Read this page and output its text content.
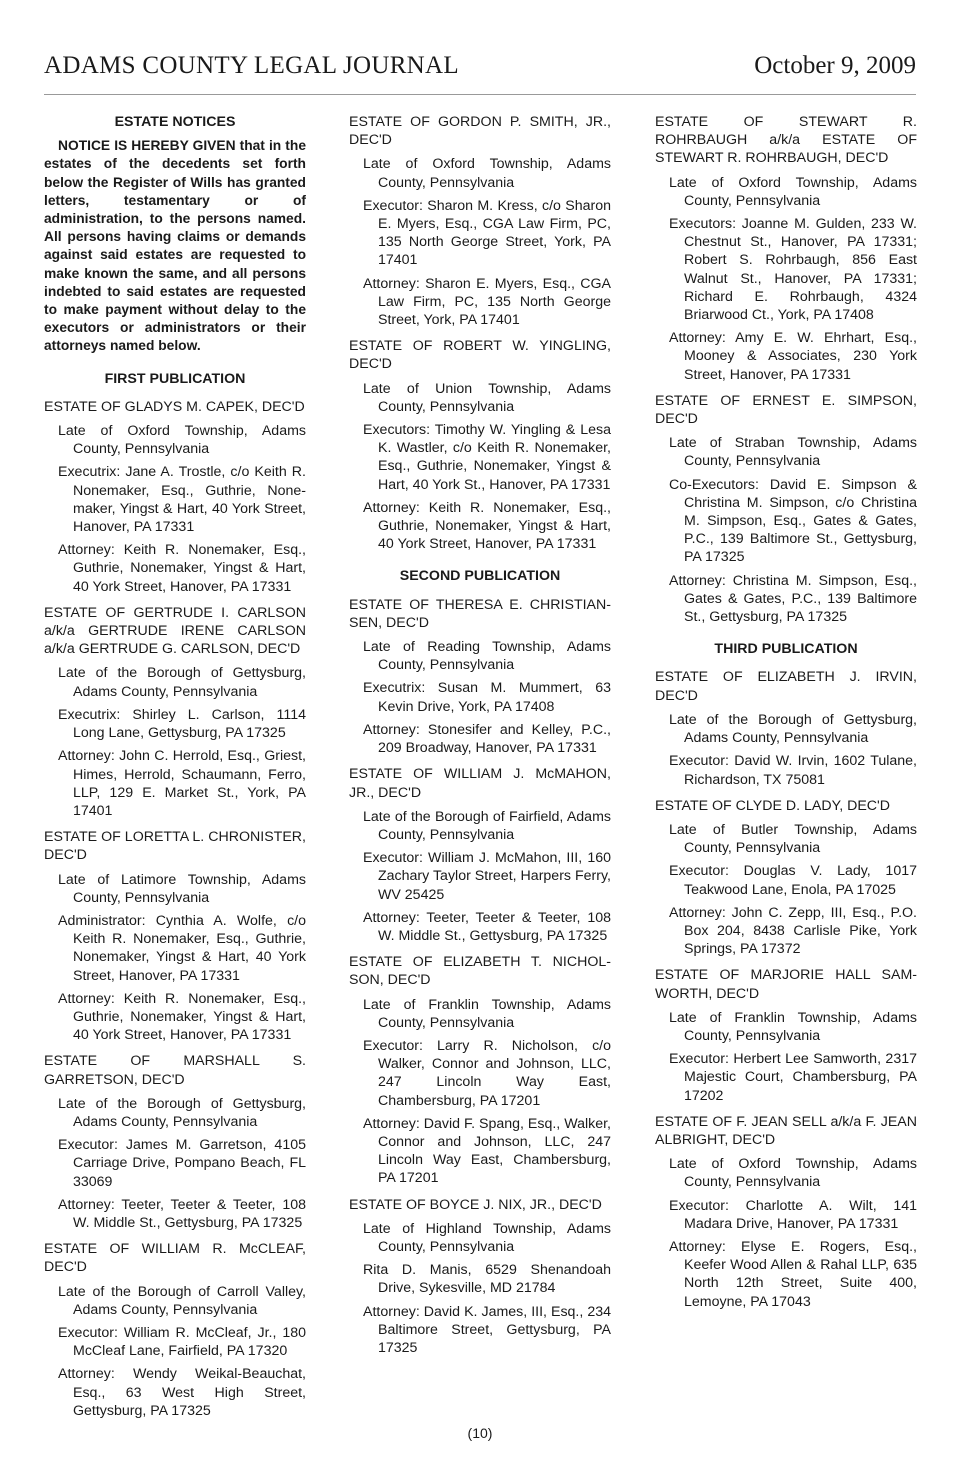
ADAMS COUNTY LEGAL JOURNAL	October 9, 2009
ESTATE NOTICES
NOTICE IS HEREBY GIVEN that in the estates of the decedents set forth below the Register of Wills has granted letters, testamentary or of administration, to the persons named. All persons having claims or demands against said estates are requested to make known the same, and all persons indebted to said estates are requested to make payment without delay to the executors or administrators or their attorneys named below.
FIRST PUBLICATION
ESTATE OF GLADYS M. CAPEK, DEC'D
Late of Oxford Township, Adams County, Pennsylvania
Executrix: Jane A. Trostle, c/o Keith R. Nonemaker, Esq., Guthrie, None-maker, Yingst & Hart, 40 York Street, Hanover, PA 17331
Attorney: Keith R. Nonemaker, Esq., Guthrie, Nonemaker, Yingst & Hart, 40 York Street, Hanover, PA 17331
ESTATE OF GERTRUDE I. CARLSON a/k/a GERTRUDE IRENE CARLSON a/k/a GERTRUDE G. CARLSON, DEC'D
Late of the Borough of Gettysburg, Adams County, Pennsylvania
Executrix: Shirley L. Carlson, 1114 Long Lane, Gettysburg, PA 17325
Attorney: John C. Herrold, Esq., Griest, Himes, Herrold, Schaumann, Ferro, LLP, 129 E. Market St., York, PA 17401
ESTATE OF LORETTA L. CHRONISTER, DEC'D
Late of Latimore Township, Adams County, Pennsylvania
Administrator: Cynthia A. Wolfe, c/o Keith R. Nonemaker, Esq., Guthrie, Nonemaker, Yingst & Hart, 40 York Street, Hanover, PA 17331
Attorney: Keith R. Nonemaker, Esq., Guthrie, Nonemaker, Yingst & Hart, 40 York Street, Hanover, PA 17331
ESTATE OF MARSHALL S. GARRETSON, DEC'D
Late of the Borough of Gettysburg, Adams County, Pennsylvania
Executor: James M. Garretson, 4105 Carriage Drive, Pompano Beach, FL 33069
Attorney: Teeter, Teeter & Teeter, 108 W. Middle St., Gettysburg, PA 17325
ESTATE OF WILLIAM R. McCLEAF, DEC'D
Late of the Borough of Carroll Valley, Adams County, Pennsylvania
Executor: William R. McCleaf, Jr., 180 McCleaf Lane, Fairfield, PA 17320
Attorney: Wendy Weikal-Beauchat, Esq., 63 West High Street, Gettysburg, PA 17325
ESTATE OF GORDON P. SMITH, JR., DEC'D
Late of Oxford Township, Adams County, Pennsylvania
Executor: Sharon M. Kress, c/o Sharon E. Myers, Esq., CGA Law Firm, PC, 135 North George Street, York, PA 17401
Attorney: Sharon E. Myers, Esq., CGA Law Firm, PC, 135 North George Street, York, PA 17401
ESTATE OF ROBERT W. YINGLING, DEC'D
Late of Union Township, Adams County, Pennsylvania
Executors: Timothy W. Yingling & Lesa K. Wastler, c/o Keith R. Nonemaker, Esq., Guthrie, Nonemaker, Yingst & Hart, 40 York St., Hanover, PA 17331
Attorney: Keith R. Nonemaker, Esq., Guthrie, Nonemaker, Yingst & Hart, 40 York Street, Hanover, PA 17331
SECOND PUBLICATION
ESTATE OF THERESA E. CHRISTIAN-SEN, DEC'D
Late of Reading Township, Adams County, Pennsylvania
Executrix: Susan M. Mummert, 63 Kevin Drive, York, PA 17408
Attorney: Stonesifer and Kelley, P.C., 209 Broadway, Hanover, PA 17331
ESTATE OF WILLIAM J. McMAHON, JR., DEC'D
Late of the Borough of Fairfield, Adams County, Pennsylvania
Executor: William J. McMahon, III, 160 Zachary Taylor Street, Harpers Ferry, WV 25425
Attorney: Teeter, Teeter & Teeter, 108 W. Middle St., Gettysburg, PA 17325
ESTATE OF ELIZABETH T. NICHOL-SON, DEC'D
Late of Franklin Township, Adams County, Pennsylvania
Executor: Larry R. Nicholson, c/o Walker, Connor and Johnson, LLC, 247 Lincoln Way East, Chambersburg, PA 17201
Attorney: David F. Spang, Esq., Walker, Connor and Johnson, LLC, 247 Lincoln Way East, Chambersburg, PA 17201
ESTATE OF BOYCE J. NIX, JR., DEC'D
Late of Highland Township, Adams County, Pennsylvania
Rita D. Manis, 6529 Shenandoah Drive, Sykesville, MD 21784
Attorney: David K. James, III, Esq., 234 Baltimore Street, Gettysburg, PA 17325
ESTATE OF STEWART R. ROHRBAUGH a/k/a ESTATE OF STEWART R. ROHRBAUGH, DEC'D
Late of Oxford Township, Adams County, Pennsylvania
Executors: Joanne M. Gulden, 233 W. Chestnut St., Hanover, PA 17331; Robert S. Rohrbaugh, 856 East Walnut St., Hanover, PA 17331; Richard E. Rohrbaugh, 4324 Briarwood Ct., York, PA 17408
Attorney: Amy E. W. Ehrhart, Esq., Mooney & Associates, 230 York Street, Hanover, PA 17331
ESTATE OF ERNEST E. SIMPSON, DEC'D
Late of Straban Township, Adams County, Pennsylvania
Co-Executors: David E. Simpson & Christina M. Simpson, c/o Christina M. Simpson, Esq., Gates & Gates, P.C., 139 Baltimore St., Gettysburg, PA 17325
Attorney: Christina M. Simpson, Esq., Gates & Gates, P.C., 139 Baltimore St., Gettysburg, PA 17325
THIRD PUBLICATION
ESTATE OF ELIZABETH J. IRVIN, DEC'D
Late of the Borough of Gettysburg, Adams County, Pennsylvania
Executor: David W. Irvin, 1602 Tulane, Richardson, TX 75081
ESTATE OF CLYDE D. LADY, DEC'D
Late of Butler Township, Adams County, Pennsylvania
Executor: Douglas V. Lady, 1017 Teakwood Lane, Enola, PA 17025
Attorney: John C. Zepp, III, Esq., P.O. Box 204, 8438 Carlisle Pike, York Springs, PA 17372
ESTATE OF MARJORIE HALL SAM-WORTH, DEC'D
Late of Franklin Township, Adams County, Pennsylvania
Executor: Herbert Lee Samworth, 2317 Majestic Court, Chambersburg, PA 17202
ESTATE OF F. JEAN SELL a/k/a F. JEAN ALBRIGHT, DEC'D
Late of Oxford Township, Adams County, Pennsylvania
Executor: Charlotte A. Wilt, 141 Madara Drive, Hanover, PA 17331
Attorney: Elyse E. Rogers, Esq., Keefer Wood Allen & Rahal LLP, 635 North 12th Street, Suite 400, Lemoyne, PA 17043
(10)
